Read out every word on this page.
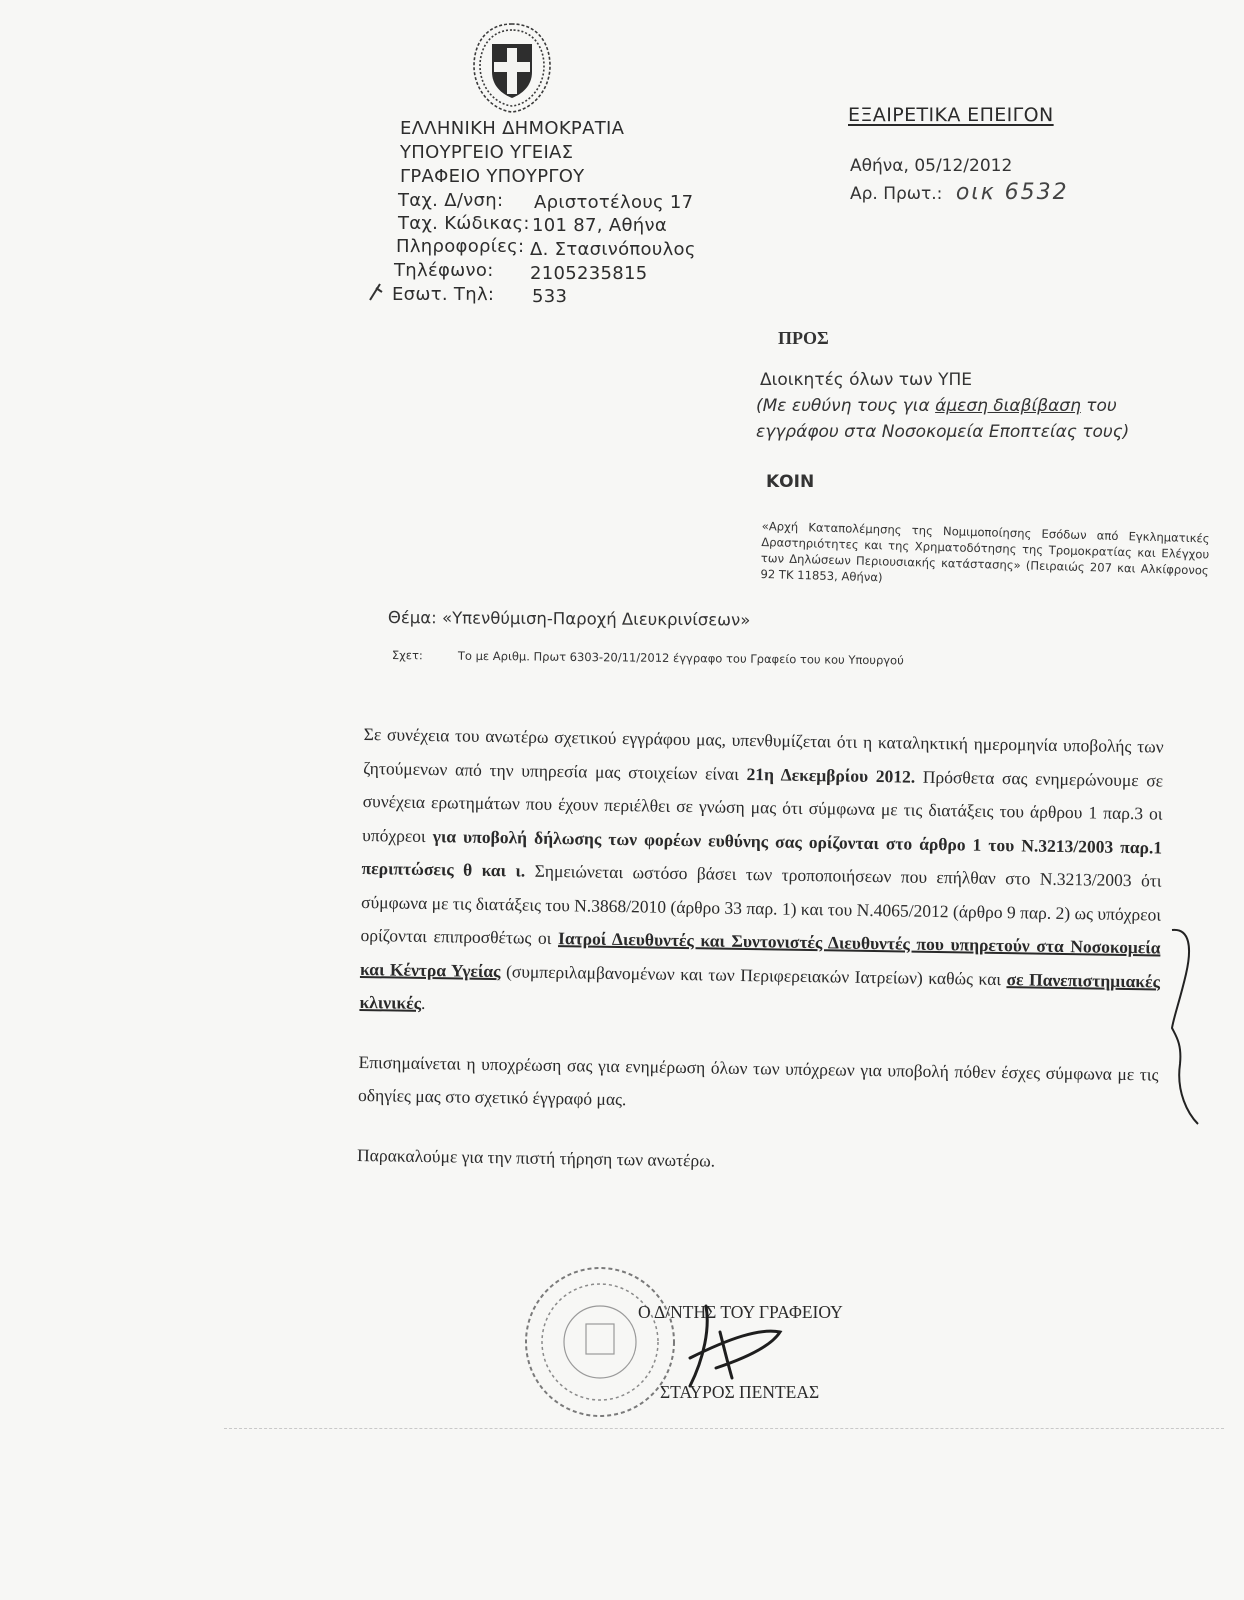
ΕΛΛΗΝΙΚΗ ΔΗΜΟΚΡΑΤΙΑ
ΥΠΟΥΡΓΕΙΟ ΥΓΕΙΑΣ
ΓΡΑΦΕΙΟ ΥΠΟΥΡΓΟΥ
Ταχ. Δ/νση: Αριστοτέλους 17
Ταχ. Κώδικας: 101 87, Αθήνα
Πληροφορίες: Δ. Στασινόπουλος
Τηλέφωνο: 2105235815
Εσωτ. Τηλ: 533
ΕΞΑΙΡΕΤΙΚΑ ΕΠΕΙΓΟΝ
Αθήνα, 05/12/2012
Αρ. Πρωτ.: οικ 6532
ΠΡΟΣ
Διοικητές όλων των ΥΠΕ
(Με ευθύνη τους για άμεση διαβίβαση του
εγγράφου στα Νοσοκομεία Εποπτείας τους)
ΚΟΙΝ
«Αρχή Καταπολέμησης της Νομιμοποίησης Εσόδων από Εγκληματικές Δραστηριότητες και της Χρηματοδότησης της Τρομοκρατίας και Ελέγχου των Δηλώσεων Περιουσιακής κατάστασης» (Πειραιώς 207 και Αλκίφρονος 92 ΤΚ 11853, Αθήνα)
Θέμα: «Υπενθύμιση-Παροχή Διευκρινίσεων»
Σχετ:	Το με Αριθμ. Πρωτ 6303-20/11/2012 έγγραφο του Γραφείο του κου Υπουργού

Σε συνέχεια του ανωτέρω σχετικού εγγράφου μας, υπενθυμίζεται ότι η καταληκτική ημερομηνία υποβολής των ζητούμενων από την υπηρεσία μας στοιχείων είναι 21η Δεκεμβρίου 2012. Πρόσθετα σας ενημερώνουμε σε συνέχεια ερωτημάτων που έχουν περιέλθει σε γνώση μας ότι σύμφωνα με τις διατάξεις του άρθρου 1 παρ.3 οι υπόχρεοι για υποβολή δήλωσης των φορέων ευθύνης σας ορίζονται στο άρθρο 1 του Ν.3213/2003 παρ.1 περιπτώσεις θ και ι. Σημειώνεται ωστόσο βάσει των τροποποιήσεων που επήλθαν στο Ν.3213/2003 ότι σύμφωνα με τις διατάξεις του Ν.3868/2010 (άρθρο 33 παρ. 1) και του Ν.4065/2012 (άρθρο 9 παρ. 2) ως υπόχρεοι ορίζονται επιπροσθέτως οι Ιατροί Διευθυντές και Συντονιστές Διευθυντές που υπηρετούν στα Νοσοκομεία και Κέντρα Υγείας (συμπεριλαμβανομένων και των Περιφερειακών Ιατρείων) καθώς και σε Πανεπιστημιακές κλινικές.

Επισημαίνεται η υποχρέωση σας για ενημέρωση όλων των υπόχρεων για υποβολή πόθεν έσχες σύμφωνα με τις οδηγίες μας στο σχετικό έγγραφό μας.

Παρακαλούμε για την πιστή τήρηση των ανωτέρω.

Ο Δ/ΝΤΗΣ ΤΟΥ ΓΡΑΦΕΙΟΥ
ΣΤΑΥΡΟΣ ΠΕΝΤΕΑΣ
